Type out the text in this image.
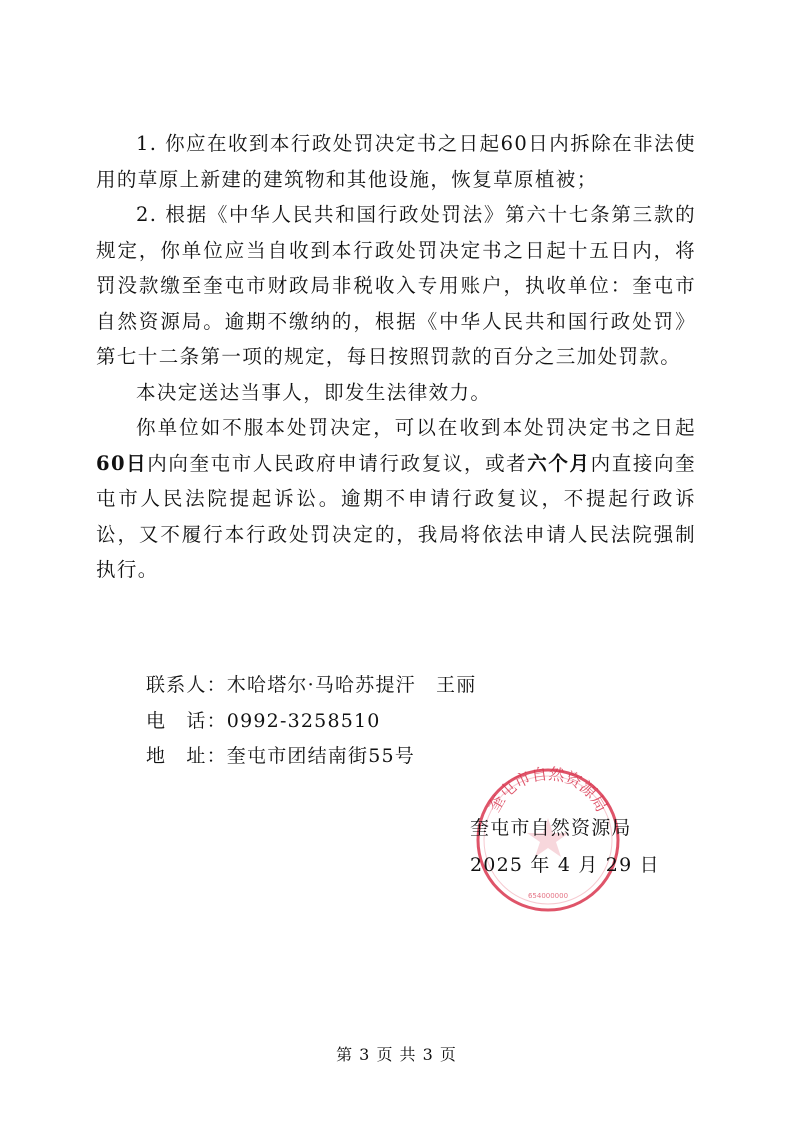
1. 你应在收到本行政处罚决定书之日起60日内拆除在非法使用的草原上新建的建筑物和其他设施，恢复草原植被；

2. 根据《中华人民共和国行政处罚法》第六十七条第三款的规定，你单位应当自收到本行政处罚决定书之日起十五日内，将罚没款缴至奎屯市财政局非税收入专用账户，执收单位：奎屯市自然资源局。逾期不缴纳的，根据《中华人民共和国行政处罚》第七十二条第一项的规定，每日按照罚款的百分之三加处罚款。

本决定送达当事人，即发生法律效力。

你单位如不服本处罚决定，可以在收到本处罚决定书之日起60日内向奎屯市人民政府申请行政复议，或者六个月内直接向奎屯市人民法院提起诉讼。逾期不申请行政复议，不提起行政诉讼，又不履行本行政处罚决定的，我局将依法申请人民法院强制执行。

联系人：木哈塔尔·马哈苏提汗　王丽
电　话：0992-3258510
地　址：奎屯市团结南街55号
奎屯市自然资源局
654000000
奎屯市自然资源局
2025 年 4 月 29 日
第 3 页 共 3 页
